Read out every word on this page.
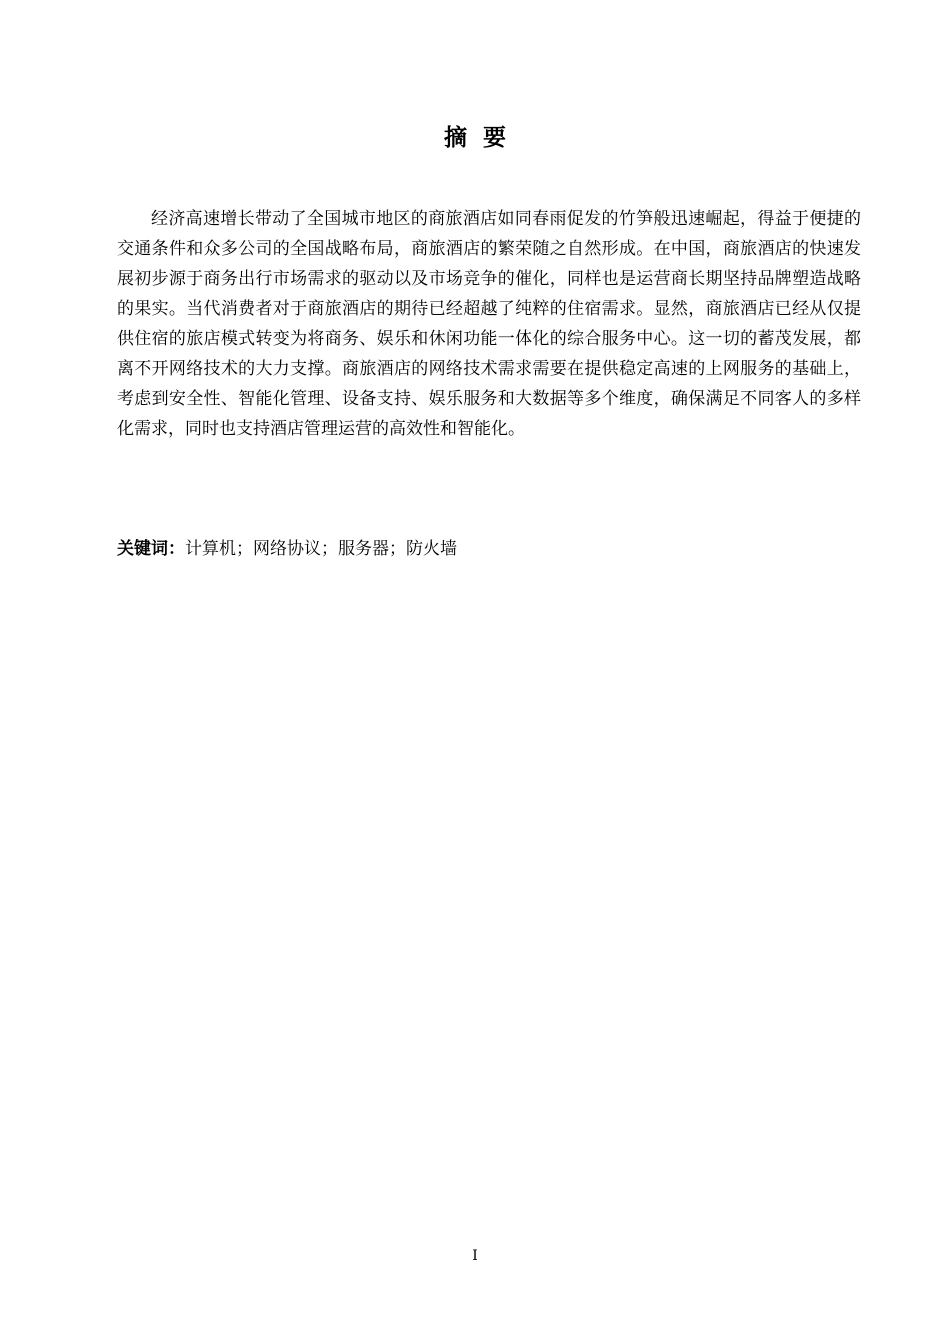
摘要

经济高速增长带动了全国城市地区的商旅酒店如同春雨促发的竹笋般迅速崛起，得益于便捷的交通条件和众多公司的全国战略布局，商旅酒店的繁荣随之自然形成。在中国，商旅酒店的快速发展初步源于商务出行市场需求的驱动以及市场竞争的催化，同样也是运营商长期坚持品牌塑造战略的果实。当代消费者对于商旅酒店的期待已经超越了纯粹的住宿需求。显然，商旅酒店已经从仅提供住宿的旅店模式转变为将商务、娱乐和休闲功能一体化的综合服务中心。这一切的蓄茂发展，都离不开网络技术的大力支撑。商旅酒店的网络技术需求需要在提供稳定高速的上网服务的基础上，考虑到安全性、智能化管理、设备支持、娱乐服务和大数据等多个维度，确保满足不同客人的多样化需求，同时也支持酒店管理运营的高效性和智能化。

关键词：计算机；网络协议；服务器；防火墙
I
